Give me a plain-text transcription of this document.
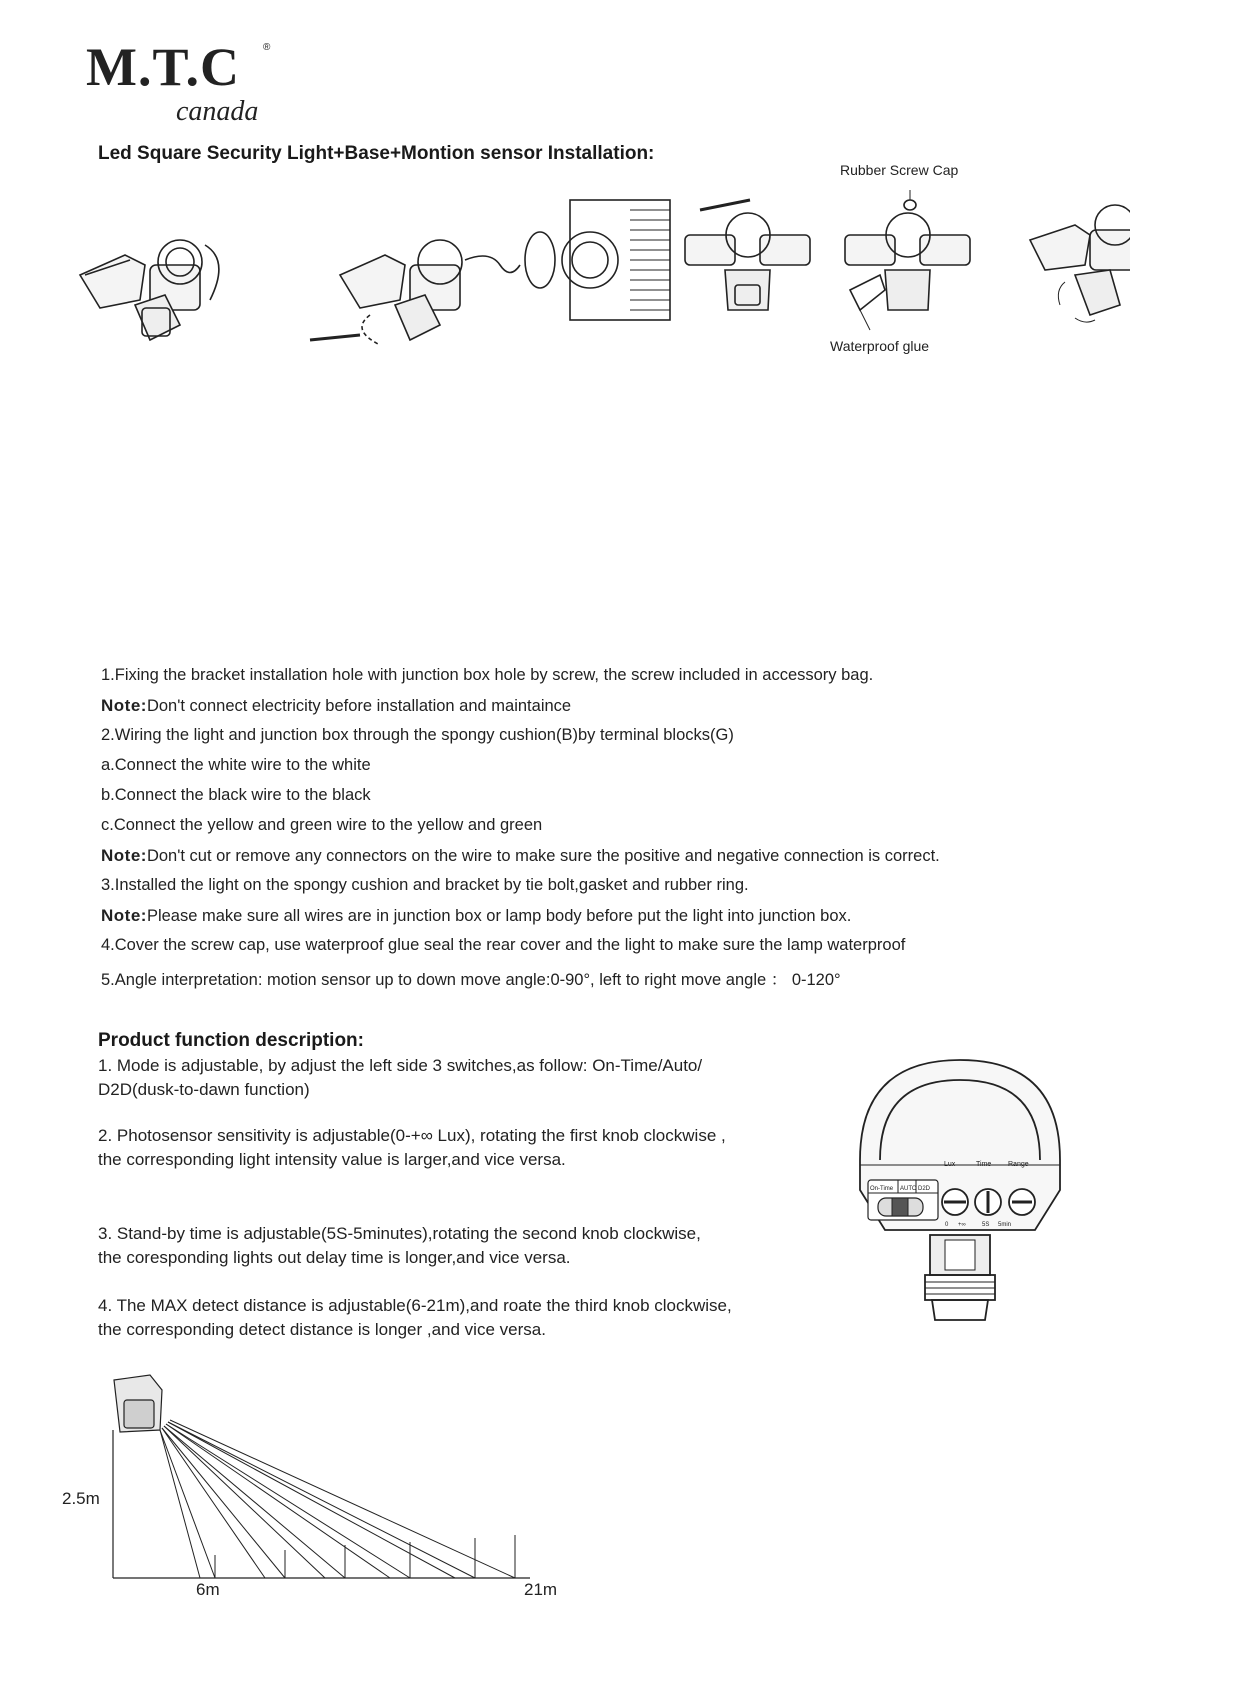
M.T.C ®
canada
Led Square Security Light+Base+Montion sensor Installation:
Rubber Screw Cap
Waterproof glue
1.Fixing the bracket installation hole with junction box hole by screw, the screw included in accessory bag.
Note:Don't connect electricity before installation and maintaince
2.Wiring the light and junction box through the spongy cushion(B)by terminal blocks(G)
a.Connect the white wire to the white
b.Connect the black wire to the black
c.Connect the yellow and green wire to the yellow and green
Note:Don't cut or remove any connectors on the wire to make sure the positive and negative connection is correct.
3.Installed the light on the spongy cushion and bracket by tie bolt,gasket and rubber ring.
Note:Please make sure all wires are in junction box or lamp body before put the light into junction box.
4.Cover the screw cap, use waterproof glue seal the rear cover and the light to make sure the lamp waterproof
5.Angle interpretation: motion sensor up to down move angle:0-90°, left to right move angle ： 0-120°
Product function description:
1. Mode is adjustable, by adjust the left side 3 switches,as follow: On-Time/Auto/
D2D(dusk-to-dawn function)
2. Photosensor sensitivity is adjustable(0-+∞ Lux), rotating the first knob clockwise ,
the corresponding light intensity value is larger,and vice versa.
3. Stand-by time is adjustable(5S-5minutes),rotating the second knob clockwise,
the coresponding lights out delay time is longer,and vice versa.
4. The MAX detect distance is adjustable(6-21m),and roate the third knob clockwise,
the corresponding detect distance is longer ,and vice versa.
Lux	Time Range
On-Time AUTO D2D
0 +∞	5S 5min
2.5m
6m	21m
